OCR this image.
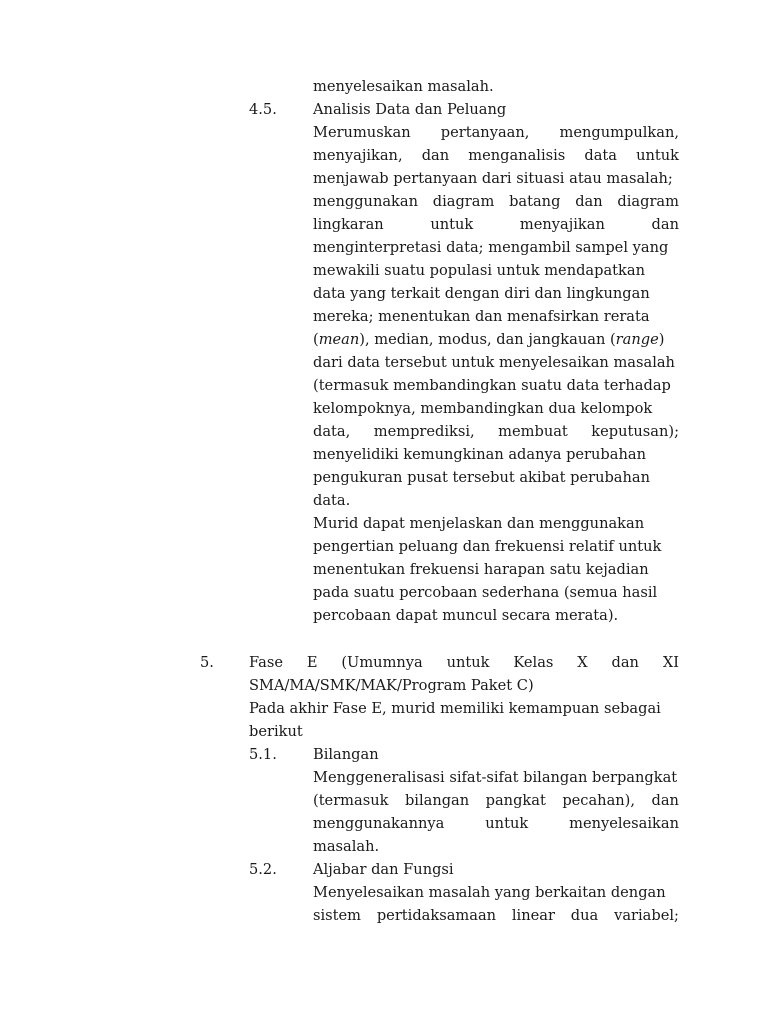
menyelesaikan masalah.
4.5. Analisis Data dan Peluang
Merumuskan pertanyaan, mengumpulkan,
menyajikan, dan menganalisis data untuk
menjawab pertanyaan dari situasi atau masalah;
menggunakan diagram batang dan diagram
lingkaran	untuk	menyajikan	dan
menginterpretasi data; mengambil sampel yang
mewakili suatu populasi untuk mendapatkan
data yang terkait dengan diri dan lingkungan
mereka; menentukan dan menafsirkan rerata
(mean), median, modus, dan jangkauan (range)
dari data tersebut untuk menyelesaikan masalah
(termasuk membandingkan suatu data terhadap
kelompoknya, membandingkan dua kelompok
data, memprediksi, membuat keputusan);
menyelidiki kemungkinan adanya perubahan
pengukuran pusat tersebut akibat perubahan
data.
Murid dapat menjelaskan dan menggunakan
pengertian peluang dan frekuensi relatif untuk
menentukan frekuensi harapan satu kejadian
pada suatu percobaan sederhana (semua hasil
percobaan dapat muncul secara merata).
5. Fase E (Umumnya untuk Kelas X dan XI
SMA/MA/SMK/MAK/Program Paket C)
Pada akhir Fase E, murid memiliki kemampuan sebagai
berikut
5.1. Bilangan
Menggeneralisasi sifat-sifat bilangan berpangkat
(termasuk bilangan pangkat pecahan), dan
menggunakannya	untuk	menyelesaikan
masalah.
5.2. Aljabar dan Fungsi
Menyelesaikan masalah yang berkaitan dengan
sistem pertidaksamaan linear dua variabel;
